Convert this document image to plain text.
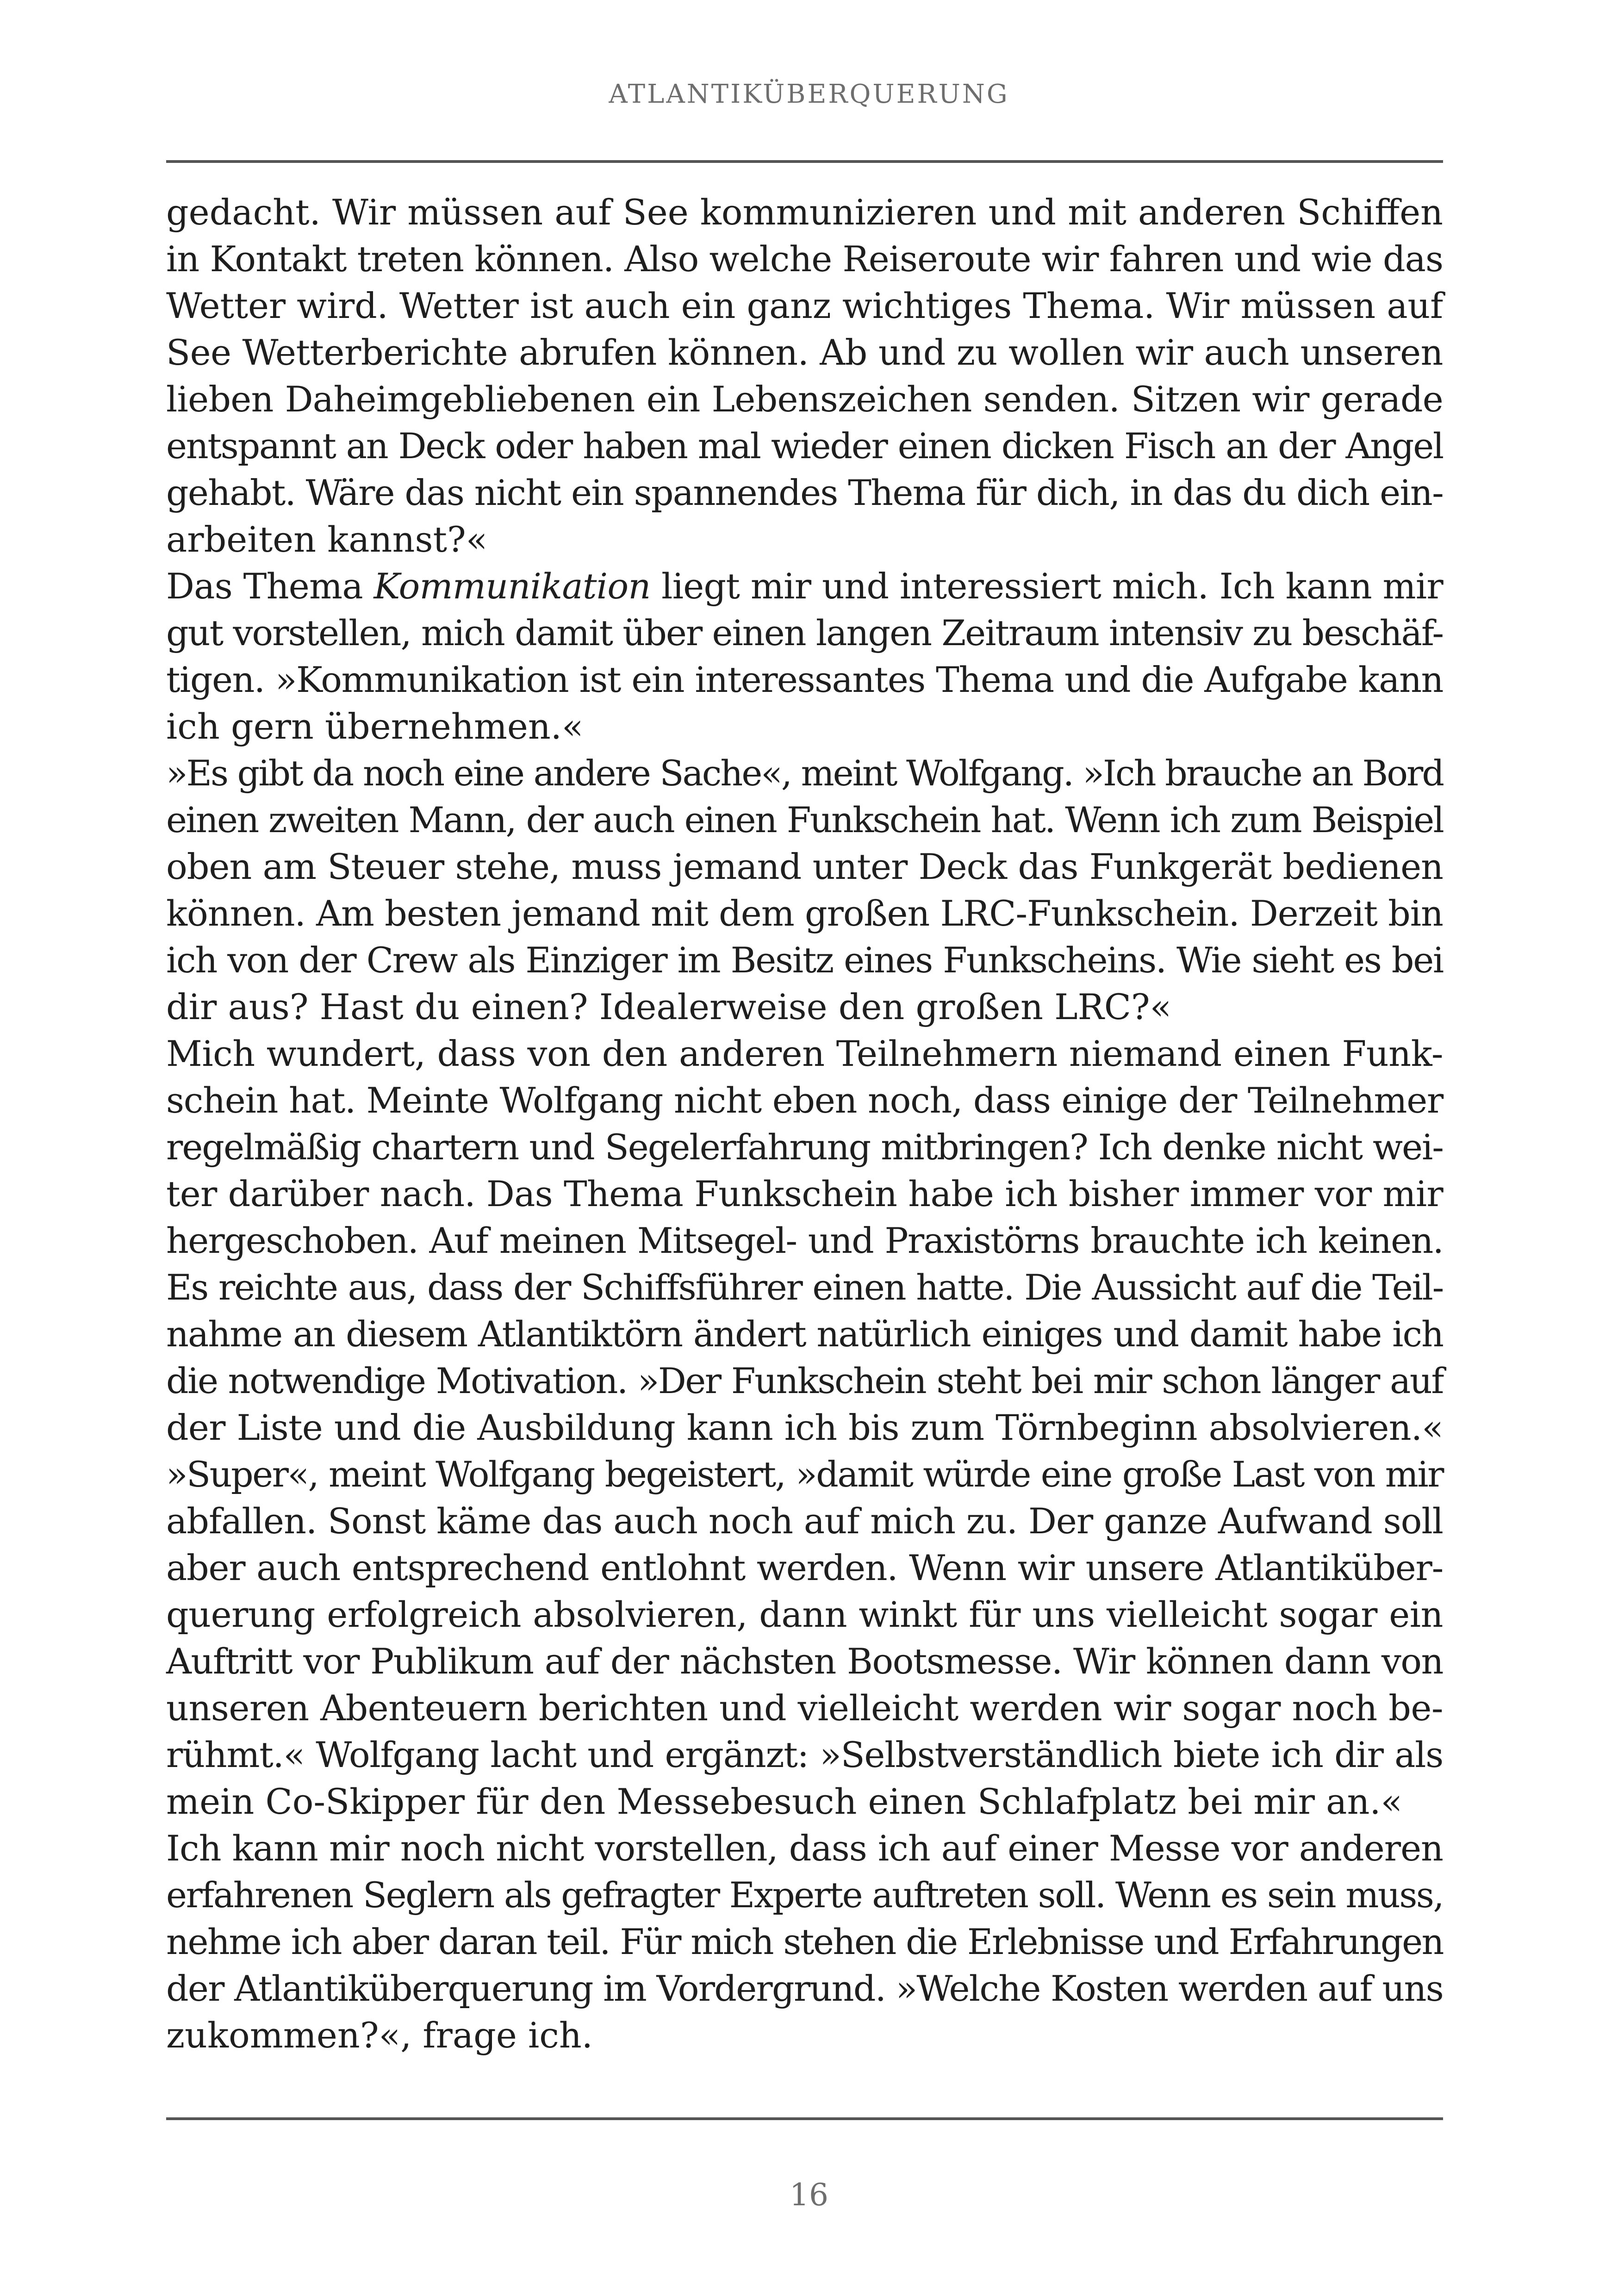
ATLANTIKÜBERQUERUNG
gedacht. Wir müssen auf See kommunizieren und mit anderen Schiffen
in Kontakt treten können. Also welche Reiseroute wir fahren und wie das
Wetter wird. Wetter ist auch ein ganz wichtiges Thema. Wir müssen auf
See Wetterberichte abrufen können. Ab und zu wollen wir auch unseren
lieben Daheimgebliebenen ein Lebenszeichen senden. Sitzen wir gerade
entspannt an Deck oder haben mal wieder einen dicken Fisch an der Angel
gehabt. Wäre das nicht ein spannendes Thema für dich, in das du dich ein-
arbeiten kannst?«
Das Thema Kommunikation liegt mir und interessiert mich. Ich kann mir
gut vorstellen, mich damit über einen langen Zeitraum intensiv zu beschäf-
tigen. »Kommunikation ist ein interessantes Thema und die Aufgabe kann
ich gern übernehmen.«
»Es gibt da noch eine andere Sache«, meint Wolfgang. »Ich brauche an Bord
einen zweiten Mann, der auch einen Funkschein hat. Wenn ich zum Beispiel
oben am Steuer stehe, muss jemand unter Deck das Funkgerät bedienen
können. Am besten jemand mit dem großen LRC-Funkschein. Derzeit bin
ich von der Crew als Einziger im Besitz eines Funkscheins. Wie sieht es bei
dir aus? Hast du einen? Idealerweise den großen LRC?«
Mich wundert, dass von den anderen Teilnehmern niemand einen Funk-
schein hat. Meinte Wolfgang nicht eben noch, dass einige der Teilnehmer
regelmäßig chartern und Segelerfahrung mitbringen? Ich denke nicht wei-
ter darüber nach. Das Thema Funkschein habe ich bisher immer vor mir
hergeschoben. Auf meinen Mitsegel- und Praxistörns brauchte ich keinen.
Es reichte aus, dass der Schiffsführer einen hatte. Die Aussicht auf die Teil-
nahme an diesem Atlantiktörn ändert natürlich einiges und damit habe ich
die notwendige Motivation. »Der Funkschein steht bei mir schon länger auf
der Liste und die Ausbildung kann ich bis zum Törnbeginn absolvieren.«
»Super«, meint Wolfgang begeistert, »damit würde eine große Last von mir
abfallen. Sonst käme das auch noch auf mich zu. Der ganze Aufwand soll
aber auch entsprechend entlohnt werden. Wenn wir unsere Atlantiküber-
querung erfolgreich absolvieren, dann winkt für uns vielleicht sogar ein
Auftritt vor Publikum auf der nächsten Bootsmesse. Wir können dann von
unseren Abenteuern berichten und vielleicht werden wir sogar noch be-
rühmt.« Wolfgang lacht und ergänzt: »Selbstverständlich biete ich dir als
mein Co-Skipper für den Messebesuch einen Schlafplatz bei mir an.«
Ich kann mir noch nicht vorstellen, dass ich auf einer Messe vor anderen
erfahrenen Seglern als gefragter Experte auftreten soll. Wenn es sein muss,
nehme ich aber daran teil. Für mich stehen die Erlebnisse und Erfahrungen
der Atlantiküberquerung im Vordergrund. »Welche Kosten werden auf uns
zukommen?«, frage ich.
16
